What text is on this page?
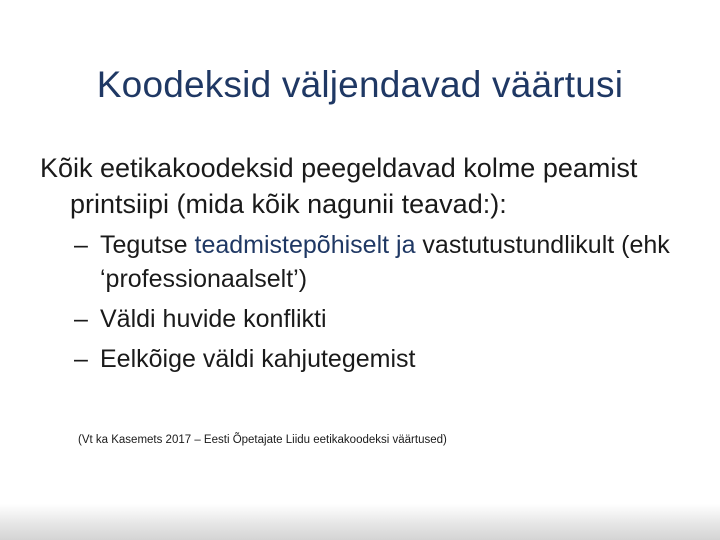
Koodeksid väljendavad väärtusi

Kõik eetikakoodeksid peegeldavad kolme peamist printsiipi (mida kõik nagunii teavad:):

– Tegutse teadmistepõhiselt ja vastutustundlikult (ehk ‘professionaalselt’)

– Väldi huvide konflikti

– Eelkõige väldi kahjutegemist

(Vt ka Kasemets 2017 – Eesti Õpetajate Liidu eetikakoodeksi väärtused)
